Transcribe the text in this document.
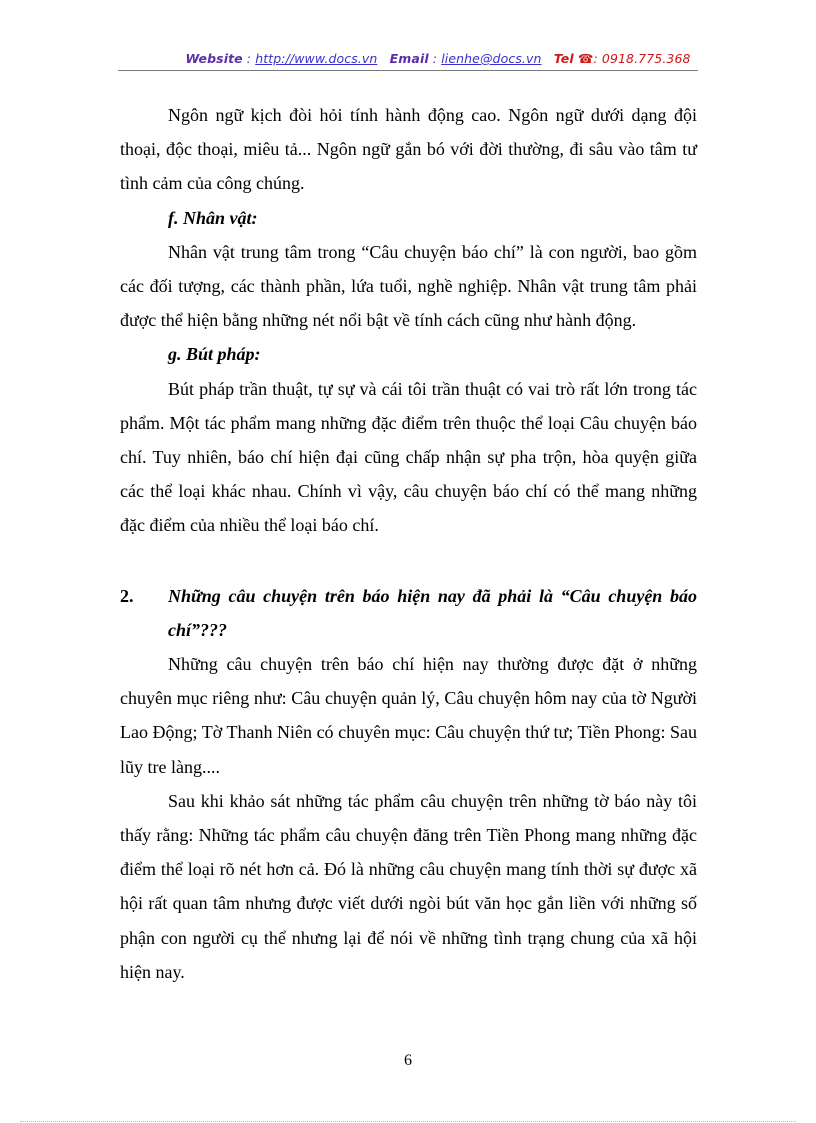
Website : http://www.docs.vn Email : lienhe@docs.vn Tel ☎: 0918.775.368

Ngôn ngữ kịch đòi hỏi tính hành động cao. Ngôn ngữ dưới dạng đội thoại, độc thoại, miêu tả... Ngôn ngữ gắn bó với đời thường, đi sâu vào tâm tư tình cảm của công chúng.

f. Nhân vật:

Nhân vật trung tâm trong “Câu chuyện báo chí” là con người, bao gồm các đối tượng, các thành phần, lứa tuổi, nghề nghiệp. Nhân vật trung tâm phải được thể hiện bằng những nét nổi bật về tính cách cũng như hành động.

g. Bút pháp:

Bút pháp trần thuật, tự sự và cái tôi trần thuật có vai trò rất lớn trong tác phẩm. Một tác phẩm mang những đặc điểm trên thuộc thể loại Câu chuyện báo chí. Tuy nhiên, báo chí hiện đại cũng chấp nhận sự pha trộn, hòa quyện giữa các thể loại khác nhau. Chính vì vậy, câu chuyện báo chí có thể mang những đặc điểm của nhiều thể loại báo chí.

2.	Những câu chuyện trên báo hiện nay đã phải là “Câu chuyện báo chí”???

Những câu chuyện trên báo chí hiện nay thường được đặt ở những chuyên mục riêng như: Câu chuyện quản lý, Câu chuyện hôm nay của tờ Người Lao Động; Tờ Thanh Niên có chuyên mục: Câu chuyện thứ tư; Tiền Phong: Sau lũy tre làng....

Sau khi khảo sát những tác phẩm câu chuyện trên những tờ báo này tôi thấy rằng: Những tác phẩm câu chuyện đăng trên Tiền Phong mang những đặc điểm thể loại rõ nét hơn cả. Đó là những câu chuyện mang tính thời sự được xã hội rất quan tâm nhưng được viết dưới ngòi bút văn học gắn liền với những số phận con người cụ thể nhưng lại để nói về những tình trạng chung của xã hội hiện nay.

6
